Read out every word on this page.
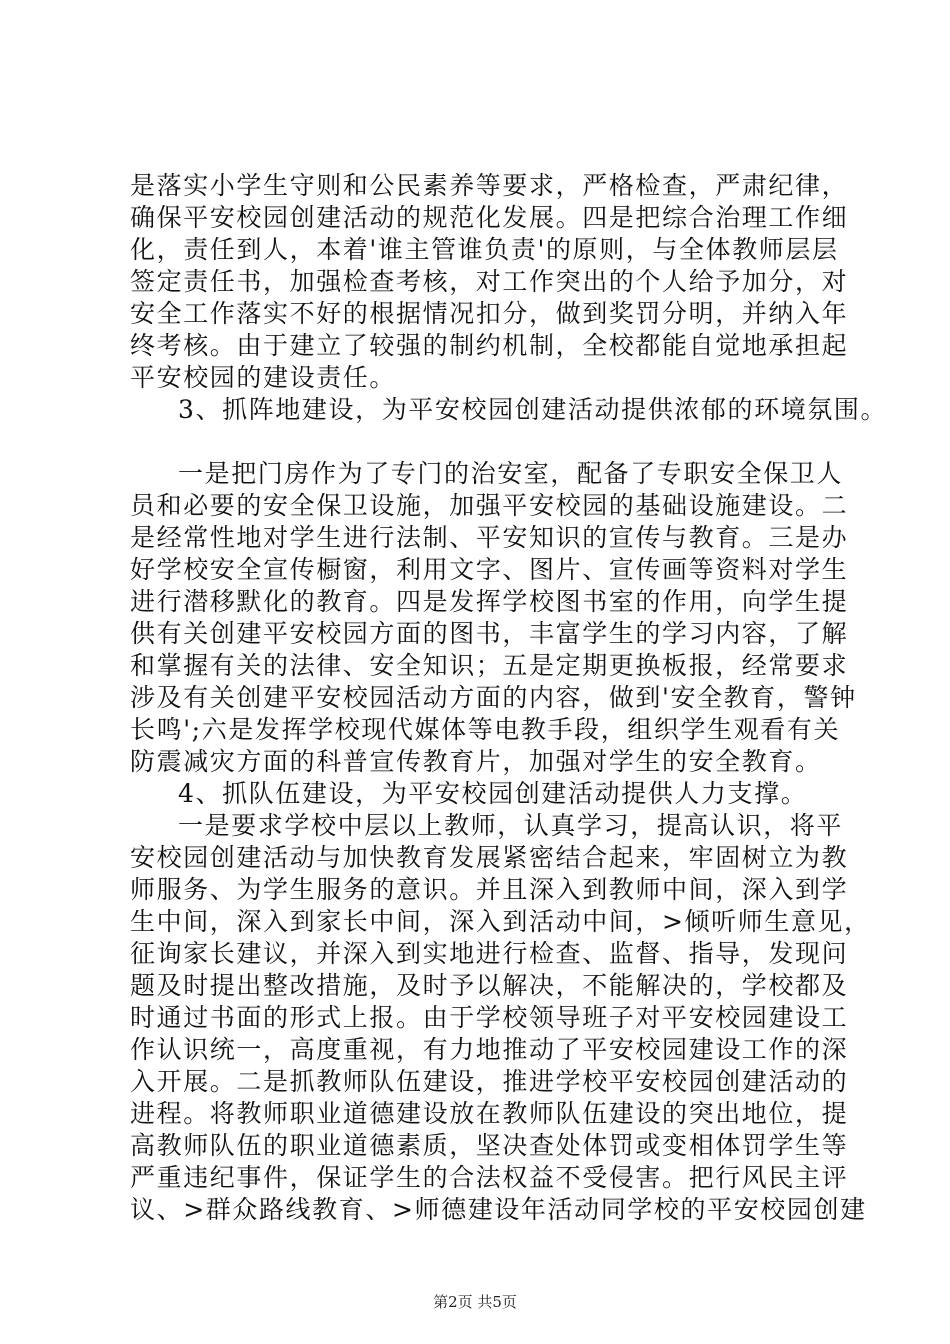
是落实小学生守则和公民素养等要求，严格检查，严肃纪律，
确保平安校园创建活动的规范化发展。四是把综合治理工作细
化，责任到人，本着'谁主管谁负责'的原则，与全体教师层层
签定责任书，加强检查考核，对工作突出的个人给予加分，对
安全工作落实不好的根据情况扣分，做到奖罚分明，并纳入年
终考核。由于建立了较强的制约机制，全校都能自觉地承担起
平安校园的建设责任。
3、抓阵地建设，为平安校园创建活动提供浓郁的环境氛围。
一是把门房作为了专门的治安室，配备了专职安全保卫人
员和必要的安全保卫设施，加强平安校园的基础设施建设。二
是经常性地对学生进行法制、平安知识的宣传与教育。三是办
好学校安全宣传橱窗，利用文字、图片、宣传画等资料对学生
进行潜移默化的教育。四是发挥学校图书室的作用，向学生提
供有关创建平安校园方面的图书，丰富学生的学习内容，了解
和掌握有关的法律、安全知识；五是定期更换板报，经常要求
涉及有关创建平安校园活动方面的内容，做到'安全教育，警钟
长鸣';六是发挥学校现代媒体等电教手段，组织学生观看有关
防震减灾方面的科普宣传教育片，加强对学生的安全教育。
4、抓队伍建设，为平安校园创建活动提供人力支撑。
一是要求学校中层以上教师，认真学习，提高认识，将平
安校园创建活动与加快教育发展紧密结合起来，牢固树立为教
师服务、为学生服务的意识。并且深入到教师中间，深入到学
生中间，深入到家长中间，深入到活动中间，>倾听师生意见，
征询家长建议，并深入到实地进行检查、监督、指导，发现问
题及时提出整改措施，及时予以解决，不能解决的，学校都及
时通过书面的形式上报。由于学校领导班子对平安校园建设工
作认识统一，高度重视，有力地推动了平安校园建设工作的深
入开展。二是抓教师队伍建设，推进学校平安校园创建活动的
进程。将教师职业道德建设放在教师队伍建设的突出地位，提
高教师队伍的职业道德素质，坚决查处体罚或变相体罚学生等
严重违纪事件，保证学生的合法权益不受侵害。把行风民主评
议、>群众路线教育、>师德建设年活动同学校的平安校园创建
第2页 共5页
